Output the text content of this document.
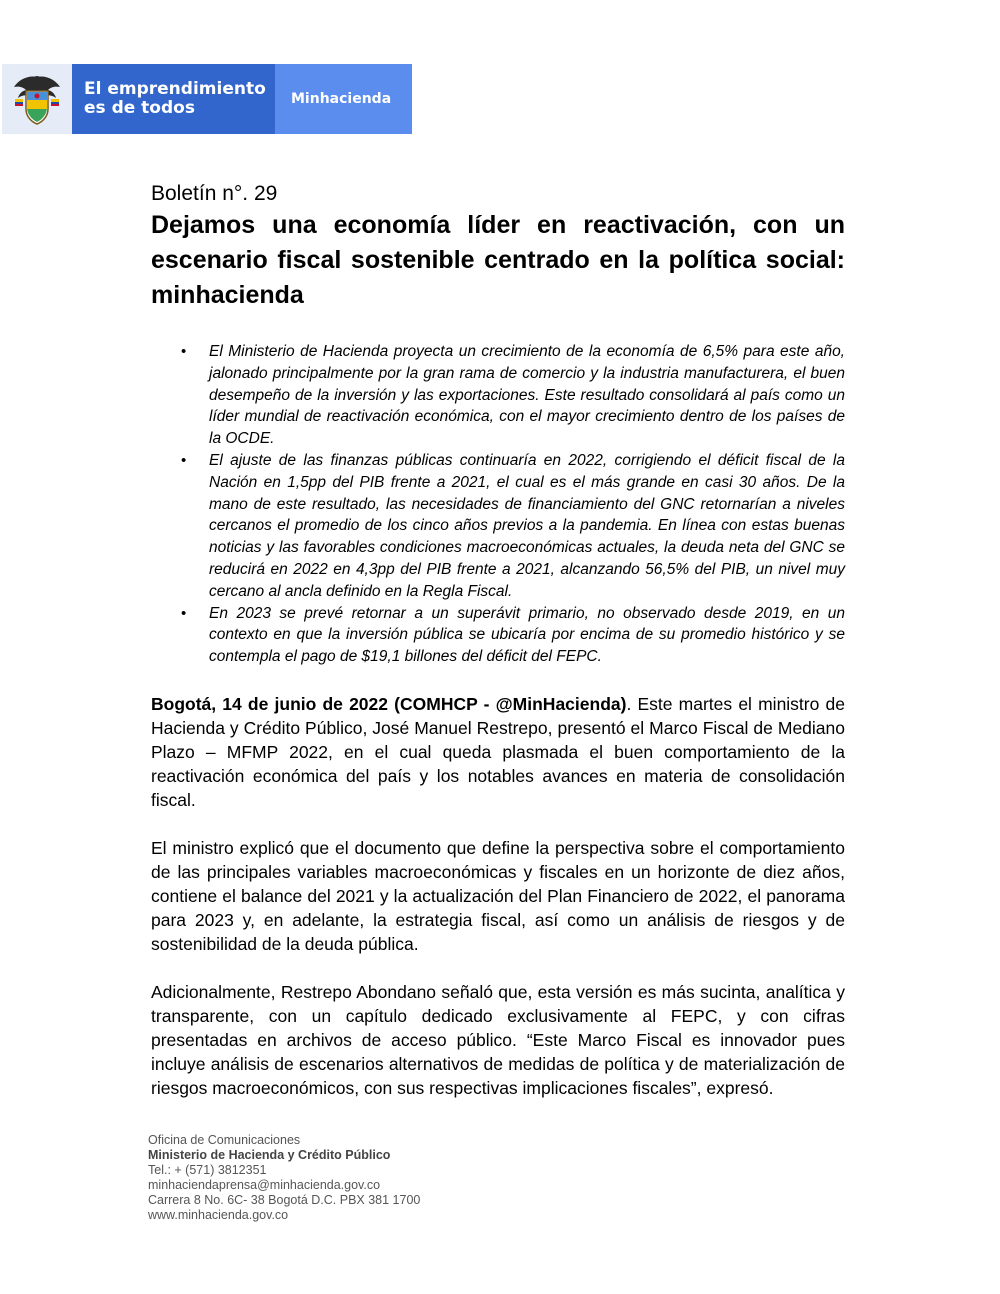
El emprendimiento
es de todos	Minhacienda

Boletín n°. 29

Dejamos una economía líder en reactivación, con un escenario fiscal sostenible centrado en la política social: minhacienda
• El Ministerio de Hacienda proyecta un crecimiento de la economía de 6,5% para este año, jalonado principalmente por la gran rama de comercio y la industria manufacturera, el buen desempeño de la inversión y las exportaciones. Este resultado consolidará al país como un líder mundial de reactivación económica, con el mayor crecimiento dentro de los países de la OCDE.
• El ajuste de las finanzas públicas continuaría en 2022, corrigiendo el déficit fiscal de la Nación en 1,5pp del PIB frente a 2021, el cual es el más grande en casi 30 años. De la mano de este resultado, las necesidades de financiamiento del GNC retornarían a niveles cercanos el promedio de los cinco años previos a la pandemia. En línea con estas buenas noticias y las favorables condiciones macroeconómicas actuales, la deuda neta del GNC se reducirá en 2022 en 4,3pp del PIB frente a 2021, alcanzando 56,5% del PIB, un nivel muy cercano al ancla definido en la Regla Fiscal.
• En 2023 se prevé retornar a un superávit primario, no observado desde 2019, en un contexto en que la inversión pública se ubicaría por encima de su promedio histórico y se contempla el pago de $19,1 billones del déficit del FEPC.

Bogotá, 14 de junio de 2022 (COMHCP - @MinHacienda). Este martes el ministro de Hacienda y Crédito Público, José Manuel Restrepo, presentó el Marco Fiscal de Mediano Plazo – MFMP 2022, en el cual queda plasmada el buen comportamiento de la reactivación económica del país y los notables avances en materia de consolidación fiscal.

El ministro explicó que el documento que define la perspectiva sobre el comportamiento de las principales variables macroeconómicas y fiscales en un horizonte de diez años, contiene el balance del 2021 y la actualización del Plan Financiero de 2022, el panorama para 2023 y, en adelante, la estrategia fiscal, así como un análisis de riesgos y de sostenibilidad de la deuda pública.

Adicionalmente, Restrepo Abondano señaló que, esta versión es más sucinta, analítica y transparente, con un capítulo dedicado exclusivamente al FEPC, y con cifras presentadas en archivos de acceso público. “Este Marco Fiscal es innovador pues incluye análisis de escenarios alternativos de medidas de política y de materialización de riesgos macroeconómicos, con sus respectivas implicaciones fiscales”, expresó.

Oficina de Comunicaciones
Ministerio de Hacienda y Crédito Público
Tel.: + (571) 3812351
minhaciendaprensa@minhacienda.gov.co
Carrera 8 No. 6C- 38 Bogotá D.C. PBX 381 1700
www.minhacienda.gov.co
